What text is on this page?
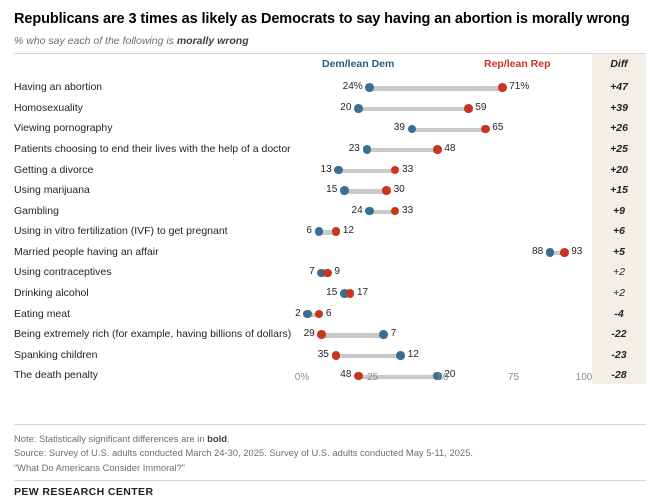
Republicans are 3 times as likely as Democrats to say having an abortion is morally wrong
% who say each of the following is morally wrong
Dem/lean Dem	Rep/lean Rep	Diff
Having an abortion	24%	71%	+47
Homosexuality	20	59	+39
Viewing pornography	39	65	+26
Patients choosing to end their lives with the help of a doctor	23	48	+25
Getting a divorce	13	33	+20
Using marijuana	15	30	+15
Gambling	24	33	+9
Using in vitro fertilization (IVF) to get pregnant	6	12	+6
Married people having an affair	88	93	+5
Using contraceptives	7 9	+2
Drinking alcohol	15 17	+2
Eating meat	2	6	-4
Being extremely rich (for example, having billions of dollars) 29	7	-22
Spanking children	35	12	-23
The death penalty	48	20	-28
0%	25	50	75	100
Note: Statistically significant differences are in bold.
Source: Survey of U.S. adults conducted March 24-30, 2025. Survey of U.S. adults conducted May 5-11, 2025.
“What Do Americans Consider Immoral?”
PEW RESEARCH CENTER
